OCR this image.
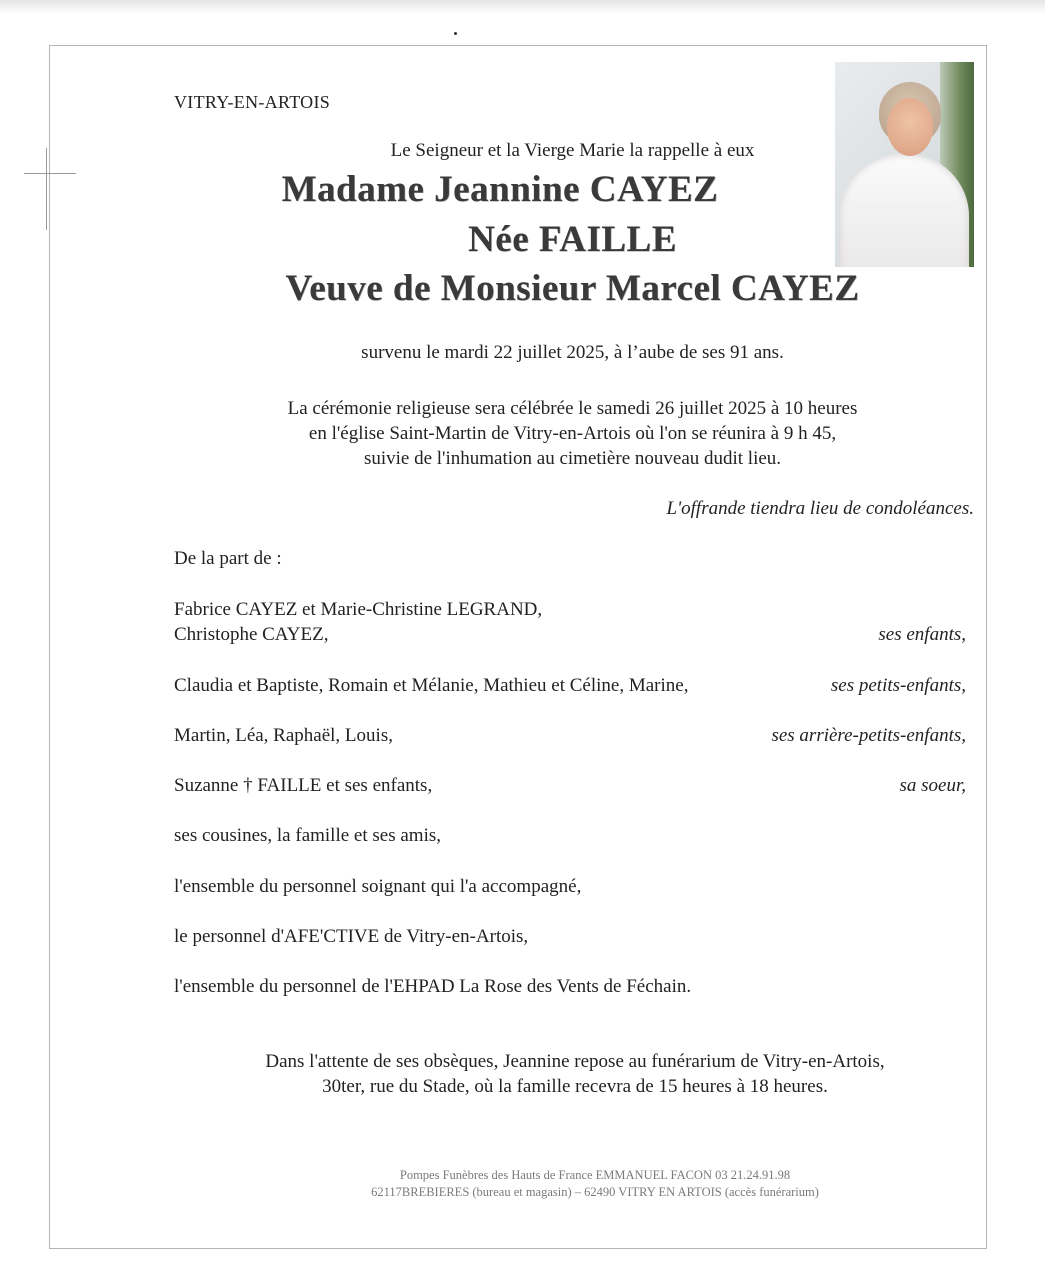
VITRY-EN-ARTOIS
Le Seigneur et la Vierge Marie la rappelle à eux
Madame Jeannine CAYEZ
Née FAILLE
Veuve de Monsieur Marcel CAYEZ
survenu le mardi 22 juillet 2025, à l’aube de ses 91 ans.
La cérémonie religieuse sera célébrée le samedi 26 juillet 2025 à 10 heures
en l'église Saint-Martin de Vitry-en-Artois où l'on se réunira à 9 h 45,
suivie de l'inhumation au cimetière nouveau dudit lieu.
L'offrande tiendra lieu de condoléances.
De la part de :
Fabrice CAYEZ et Marie-Christine LEGRAND,
Christophe CAYEZ,	ses enfants,
Claudia et Baptiste, Romain et Mélanie, Mathieu et Céline, Marine,	ses petits-enfants,
Martin, Léa, Raphaël, Louis,	ses arrière-petits-enfants,
Suzanne † FAILLE et ses enfants,	sa soeur,
ses cousines, la famille et ses amis,
l'ensemble du personnel soignant qui l'a accompagné,
le personnel d'AFE'CTIVE de Vitry-en-Artois,
l'ensemble du personnel de l'EHPAD La Rose des Vents de Féchain.
Dans l'attente de ses obsèques, Jeannine repose au funérarium de Vitry-en-Artois,
30ter, rue du Stade, où la famille recevra de 15 heures à 18 heures.
Pompes Funèbres des Hauts de France EMMANUEL FACON 03 21.24.91.98
62117BREBIERES (bureau et magasin) – 62490 VITRY EN ARTOIS (accès funérarium)
